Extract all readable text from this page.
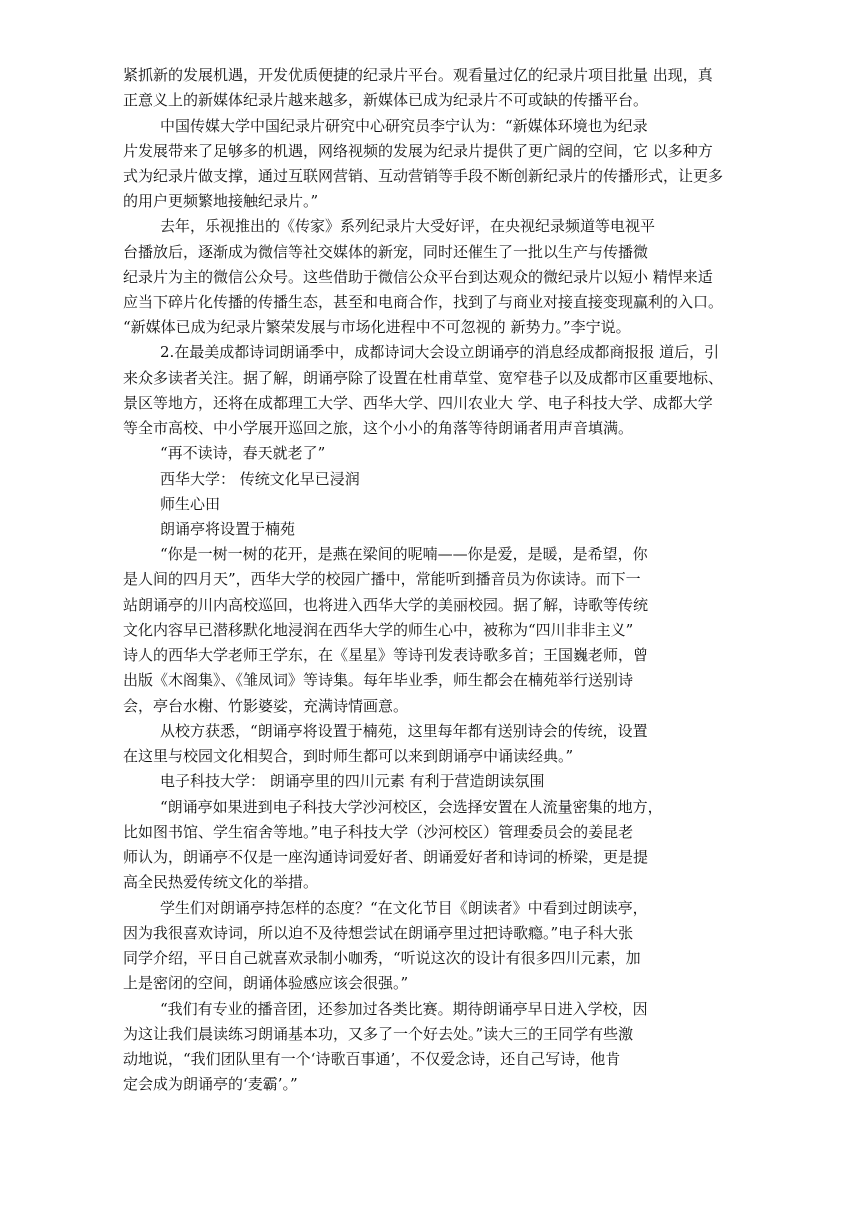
紧抓新的发展机遇，开发优质便捷的纪录片平台。观看量过亿的纪录片项目批量 出现，真
正意义上的新媒体纪录片越来越多，新媒体已成为纪录片不可或缺的传播平台。
中国传媒大学中国纪录片研究中心研究员李宁认为：“新媒体环境也为纪录
片发展带来了足够多的机遇，网络视频的发展为纪录片提供了更广阔的空间，它 以多种方
式为纪录片做支撑，通过互联网营销、互动营销等手段不断创新纪录片的传播形式，让更多
的用户更频繁地接触纪录片。”
去年，乐视推出的《传家》系列纪录片大受好评，在央视纪录频道等电视平
台播放后，逐渐成为微信等社交媒体的新宠，同时还催生了一批以生产与传播微
纪录片为主的微信公众号。这些借助于微信公众平台到达观众的微纪录片以短小 精悍来适
应当下碎片化传播的传播生态，甚至和电商合作，找到了与商业对接直接变现赢利的入口。
“新媒体已成为纪录片繁荣发展与市场化进程中不可忽视的 新势力。”李宁说。
2.在最美成都诗词朗诵季中，成都诗词大会设立朗诵亭的消息经成都商报报 道后，引
来众多读者关注。据了解，朗诵亭除了设置在杜甫草堂、宽窄巷子以及成都市区重要地标、
景区等地方，还将在成都理工大学、西华大学、四川农业大 学、电子科技大学、成都大学
等全市高校、中小学展开巡回之旅，这个小小的角落等待朗诵者用声音填满。
“再不读诗，春天就老了”
西华大学： 传统文化早已浸润
师生心田
朗诵亭将设置于楠苑
“你是一树一树的花开，是燕在梁间的呢喃——你是爱，是暖，是希望，你
是人间的四月天”，西华大学的校园广播中，常能听到播音员为你读诗。而下一
站朗诵亭的川内高校巡回，也将进入西华大学的美丽校园。据了解，诗歌等传统
文化内容早已潜移默化地浸润在西华大学的师生心中，被称为“四川非非主义”
诗人的西华大学老师王学东，在《星星》等诗刊发表诗歌多首；王国巍老师，曾
出版《木阁集》、《雏凤词》等诗集。每年毕业季，师生都会在楠苑举行送别诗
会，亭台水榭、竹影婆娑，充满诗情画意。
从校方获悉，“朗诵亭将设置于楠苑，这里每年都有送别诗会的传统，设置
在这里与校园文化相契合，到时师生都可以来到朗诵亭中诵读经典。”
电子科技大学： 朗诵亭里的四川元素 有利于营造朗读氛围
“朗诵亭如果进到电子科技大学沙河校区，会选择安置在人流量密集的地方，
比如图书馆、学生宿舍等地。”电子科技大学（沙河校区）管理委员会的姜昆老
师认为，朗诵亭不仅是一座沟通诗词爱好者、朗诵爱好者和诗词的桥梁，更是提
高全民热爱传统文化的举措。
学生们对朗诵亭持怎样的态度？“在文化节目《朗读者》中看到过朗读亭，
因为我很喜欢诗词，所以迫不及待想尝试在朗诵亭里过把诗歌瘾。”电子科大张
同学介绍，平日自己就喜欢录制小咖秀，“听说这次的设计有很多四川元素，加
上是密闭的空间，朗诵体验感应该会很强。”
“我们有专业的播音团，还参加过各类比赛。期待朗诵亭早日进入学校，因
为这让我们晨读练习朗诵基本功，又多了一个好去处。”读大三的王同学有些激
动地说，“我们团队里有一个‘诗歌百事通’，不仅爱念诗，还自己写诗，他肯
定会成为朗诵亭的‘麦霸’。”
